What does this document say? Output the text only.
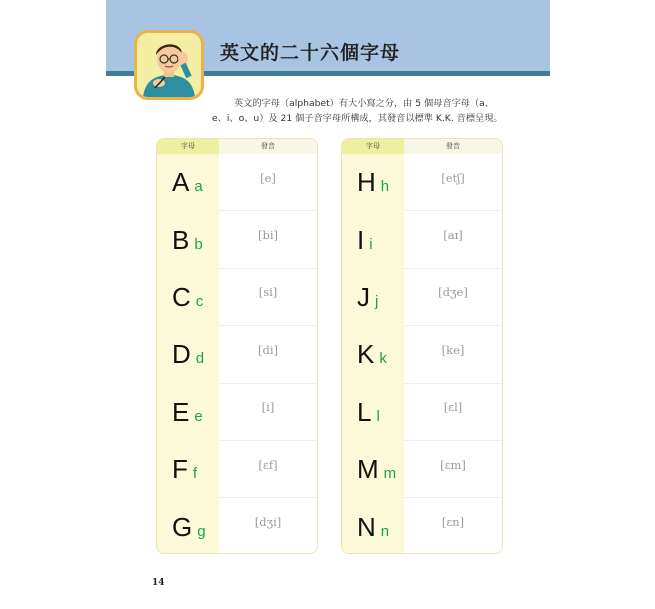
英文的二十六個字母
英文的字母（alphabet）有大小寫之分，由 5 個母音字母（a、
e、i、o、u）及 21 個子音字母所構成，其發音以標準 K.K. 音標呈現。
字母	發音
Aa
[e]
Bb
[bi]
Cc
[si]
Dd
[di]
Ee
[i]
Ff
[ɛf]
Gg
[dʒi]
字母	發音
Hh
[etʃ]
Ii
[aɪ]
Jj
[dʒe]
Kk
[ke]
Ll
[ɛl]
Mm
[ɛm]
Nn
[ɛn]
14
